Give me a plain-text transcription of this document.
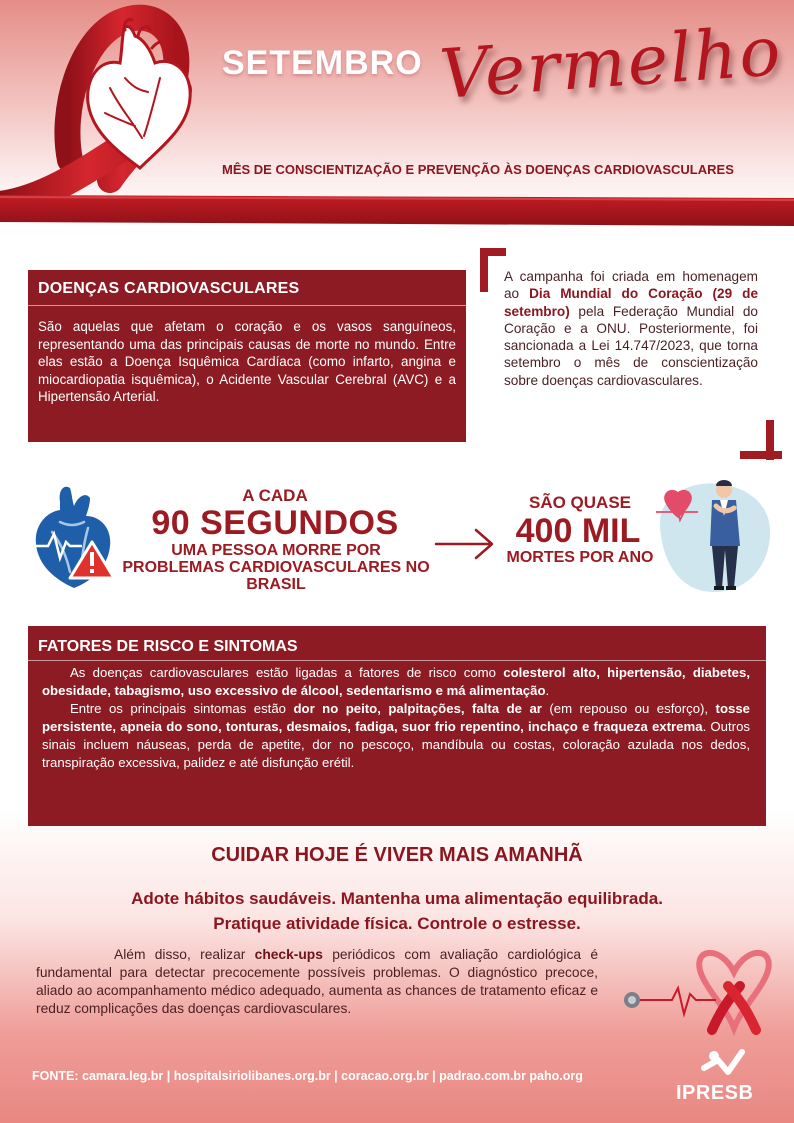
SETEMBRO Vermelho
MÊS DE CONSCIENTIZAÇÃO E PREVENÇÃO ÀS DOENÇAS CARDIOVASCULARES
DOENÇAS CARDIOVASCULARES
São aquelas que afetam o coração e os vasos sanguíneos, representando uma das principais causas de morte no mundo. Entre elas estão a Doença Isquêmica Cardíaca (como infarto, angina e miocardiopatia isquêmica), o Acidente Vascular Cerebral (AVC) e a Hipertensão Arterial.
A campanha foi criada em homenagem ao Dia Mundial do Coração (29 de setembro) pela Federação Mundial do Coração e a ONU. Posteriormente, foi sancionada a Lei 14.747/2023, que torna setembro o mês de conscientização sobre doenças cardiovasculares.
A CADA
90 SEGUNDOS
UMA PESSOA MORRE POR PROBLEMAS CARDIOVASCULARES NO BRASIL
SÃO QUASE
400 MIL
MORTES POR ANO
FATORES DE RISCO E SINTOMAS

As doenças cardiovasculares estão ligadas a fatores de risco como colesterol alto, hipertensão, diabetes, obesidade, tabagismo, uso excessivo de álcool, sedentarismo e má alimentação.

Entre os principais sintomas estão dor no peito, palpitações, falta de ar (em repouso ou esforço), tosse persistente, apneia do sono, tonturas, desmaios, fadiga, suor frio repentino, inchaço e fraqueza extrema. Outros sinais incluem náuseas, perda de apetite, dor no pescoço, mandíbula ou costas, coloração azulada nos dedos, transpiração excessiva, palidez e até disfunção erétil.

CUIDAR HOJE É VIVER MAIS AMANHÃ
Adote hábitos saudáveis. Mantenha uma alimentação equilibrada.
Pratique atividade física. Controle o estresse.
Além disso, realizar check-ups periódicos com avaliação cardiológica é fundamental para detectar precocemente possíveis problemas. O diagnóstico precoce, aliado ao acompanhamento médico adequado, aumenta as chances de tratamento eficaz e reduz complicações das doenças cardiovasculares.
FONTE: camara.leg.br | hospitalsiriolibanes.org.br | coracao.org.br | padrao.com.br paho.org
IPRESB
